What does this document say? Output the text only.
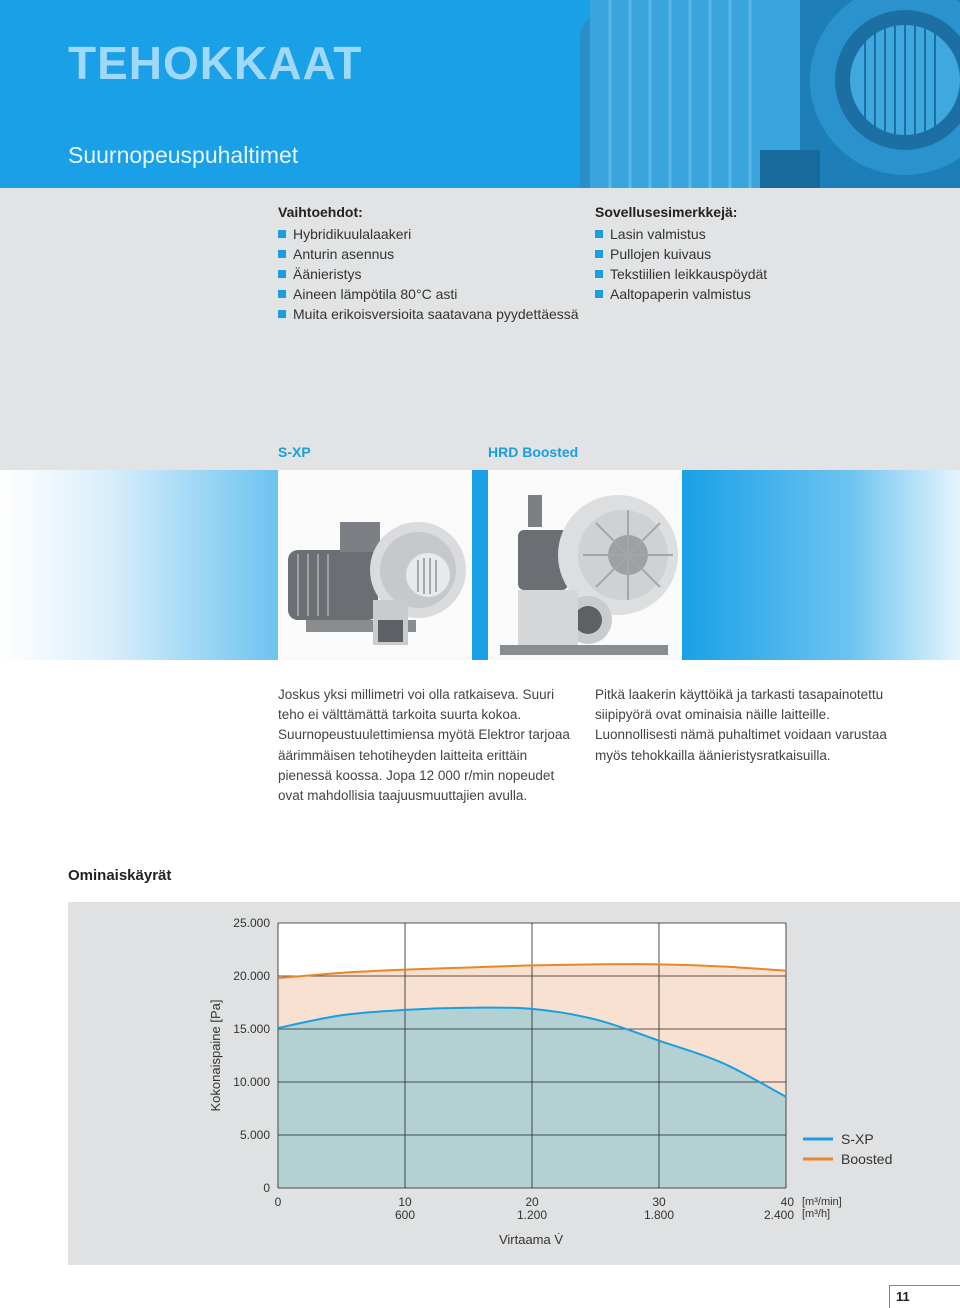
TEHOKKAAT
Suurnopeuspuhaltimet
Vaihtoehdot:
Hybridikuulalaakeri
Anturin asennus
Äänieristys
Aineen lämpötila 80°C asti
Muita erikoisversioita saatavana pyydettäessä
Sovellusesimerkkejä:
Lasin valmistus
Pullojen kuivaus
Tekstiilien leikkauspöydät
Aaltopaperin valmistus
S-XP	HRD Boosted

Joskus yksi millimetri voi olla ratkaiseva. Suuri teho ei välttämättä tarkoita suurta kokoa. Suurnopeustuulettimiensa myötä Elektror tarjoaa äärimmäisen tehotiheyden laitteita erittäin pienessä koossa. Jopa 12 000 r/min nopeudet ovat mahdollisia taajuusmuuttajien avulla.

Pitkä laakerin käyttöikä ja tarkasti tasapainotettu siipipyörä ovat ominaisia näille laitteille. Luonnollisesti nämä puhaltimet voidaan varustaa myös tehokkailla äänieristysratkaisuilla.

Ominaiskäyrät
25.000
20.000
15.000
10.000
5.000
0
0	10
600
20
1.200
30
1.800
40
2.400
Kokonaispaine [Pa]
Virtaama V̇
[m³/min]
[m³/h]
S-XP
Boosted
11
